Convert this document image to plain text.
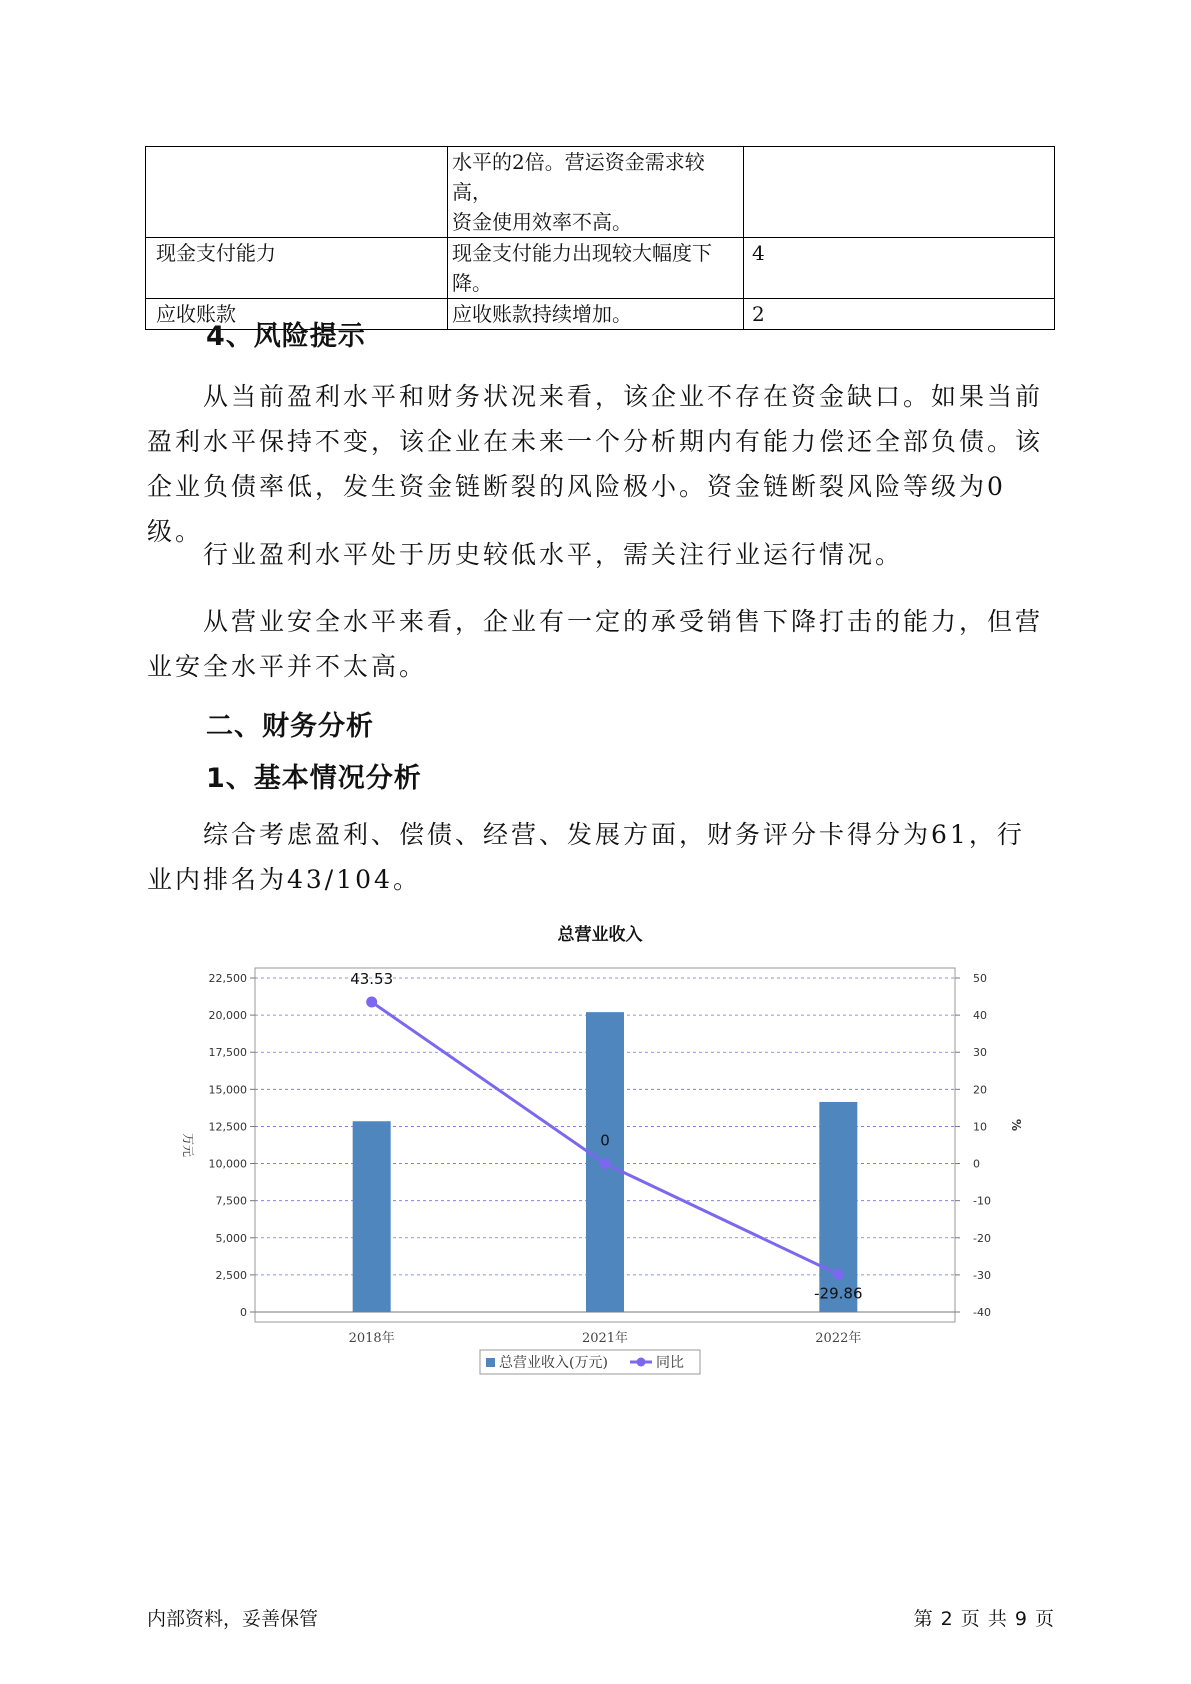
	水平的2倍。营运资金需求较高，
资金使用效率不高。	
现金支付能力	现金支付能力出现较大幅度下降。	4
应收账款	应收账款持续增加。	2
4、风险提示
从当前盈利水平和财务状况来看，该企业不存在资金缺口。如果当前盈利水平保持不变，该企业在未来一个分析期内有能力偿还全部负债。该企业负债率低，发生资金链断裂的风险极小。资金链断裂风险等级为0级。
行业盈利水平处于历史较低水平，需关注行业运行情况。
从营业安全水平来看，企业有一定的承受销售下降打击的能力，但营业安全水平并不太高。
二、财务分析
1、基本情况分析
综合考虑盈利、偿债、经营、发展方面，财务评分卡得分为61，行业内排名为43/104。
总营业收入
0
2,500
5,000
7,500
10,000
12,500
15,000
17,500
20,000
22,500
-40
-30
-20
-10
0
10
20
30
40
50
万元
%
2018年	2021年	2022年
43.53
0
-29.86
总营业收入(万元)	同比
内部资料，妥善保管	第 2 页 共 9 页
